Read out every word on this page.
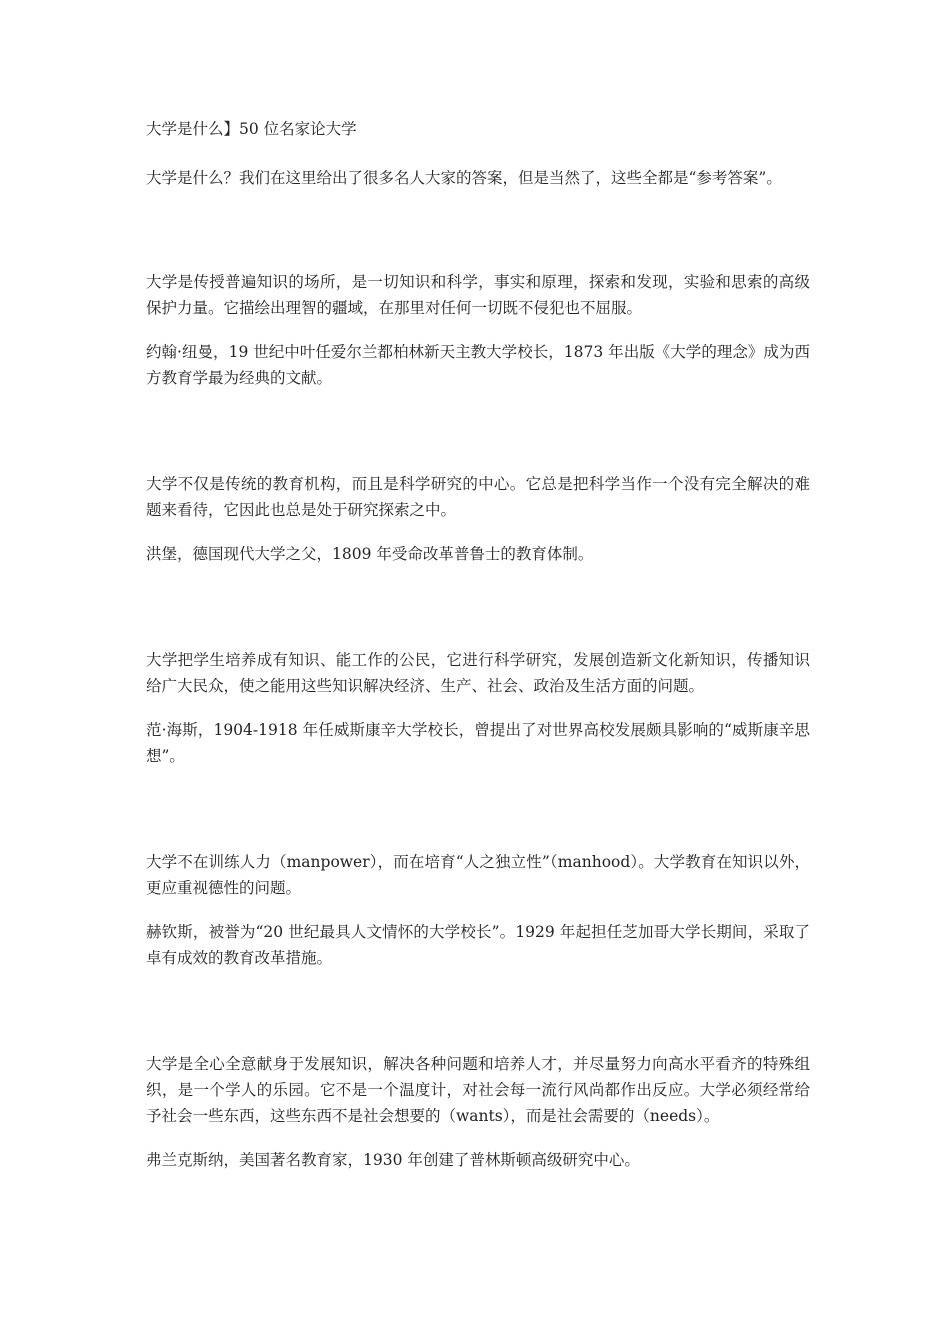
大学是什么】50 位名家论大学

大学是什么？我们在这里给出了很多名人大家的答案，但是当然了，这些全都是“参考答案”。

大学是传授普遍知识的场所，是一切知识和科学，事实和原理，探索和发现，实验和思索的高级保护力量。它描绘出理智的疆域，在那里对任何一切既不侵犯也不屈服。

约翰·纽曼，19 世纪中叶任爱尔兰都柏林新天主教大学校长，1873 年出版《大学的理念》成为西方教育学最为经典的文献。

大学不仅是传统的教育机构，而且是科学研究的中心。它总是把科学当作一个没有完全解决的难题来看待，它因此也总是处于研究探索之中。

洪堡，德国现代大学之父，1809 年受命改革普鲁士的教育体制。

大学把学生培养成有知识、能工作的公民，它进行科学研究，发展创造新文化新知识，传播知识给广大民众，使之能用这些知识解决经济、生产、社会、政治及生活方面的问题。

范·海斯，1904-1918 年任威斯康辛大学校长，曾提出了对世界高校发展颇具影响的“威斯康辛思想”。

大学不在训练人力（manpower），而在培育“人之独立性”（manhood）。大学教育在知识以外，更应重视德性的问题。

赫钦斯，被誉为“20 世纪最具人文情怀的大学校长”。1929 年起担任芝加哥大学长期间，采取了卓有成效的教育改革措施。

大学是全心全意献身于发展知识，解决各种问题和培养人才，并尽量努力向高水平看齐的特殊组织，是一个学人的乐园。它不是一个温度计，对社会每一流行风尚都作出反应。大学必须经常给予社会一些东西，这些东西不是社会想要的（wants），而是社会需要的（needs）。

弗兰克斯纳，美国著名教育家，1930 年创建了普林斯顿高级研究中心。
